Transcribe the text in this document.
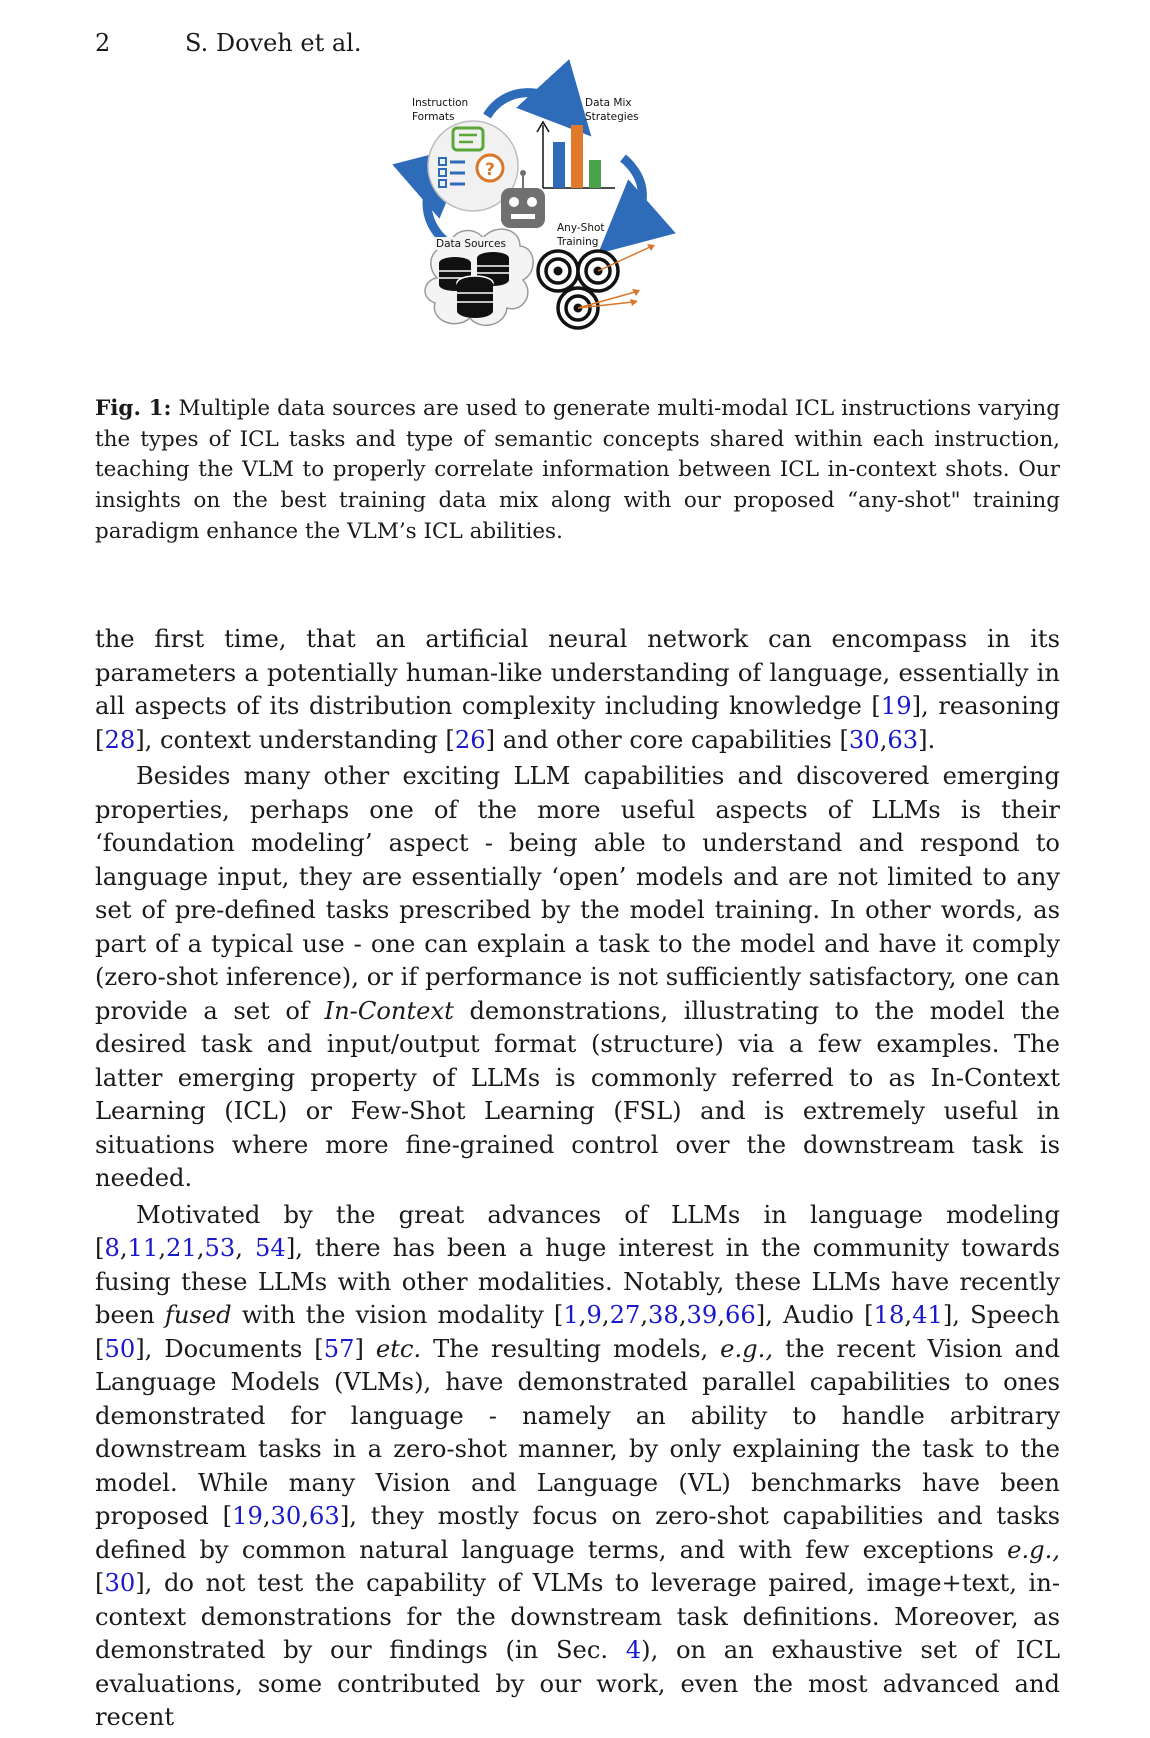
2	S. Doveh et al.
Instruction
Formats
?
Data Mix
Strategies
Any-Shot
Training
Data Sources

Fig. 1: Multiple data sources are used to generate multi-modal ICL instructions varying the types of ICL tasks and type of semantic concepts shared within each instruction, teaching the VLM to properly correlate information between ICL in-context shots. Our insights on the best training data mix along with our proposed “any-shot" training paradigm enhance the VLM’s ICL abilities.

the first time, that an artificial neural network can encompass in its parameters a potentially human-like understanding of language, essentially in all aspects of its distribution complexity including knowledge [19], reasoning [28], context understanding [26] and other core capabilities [30,63].

Besides many other exciting LLM capabilities and discovered emerging properties, perhaps one of the more useful aspects of LLMs is their ‘foundation modeling’ aspect - being able to understand and respond to language input, they are essentially ‘open’ models and are not limited to any set of pre-defined tasks prescribed by the model training. In other words, as part of a typical use - one can explain a task to the model and have it comply (zero-shot inference), or if performance is not sufficiently satisfactory, one can provide a set of In-Context demonstrations, illustrating to the model the desired task and input/output format (structure) via a few examples. The latter emerging property of LLMs is commonly referred to as In-Context Learning (ICL) or Few-Shot Learning (FSL) and is extremely useful in situations where more fine-grained control over the downstream task is needed.

Motivated by the great advances of LLMs in language modeling [8,11,21,53, 54], there has been a huge interest in the community towards fusing these LLMs with other modalities. Notably, these LLMs have recently been fused with the vision modality [1,9,27,38,39,66], Audio [18,41], Speech [50], Documents [57] etc. The resulting models, e.g., the recent Vision and Language Models (VLMs), have demonstrated parallel capabilities to ones demonstrated for language - namely an ability to handle arbitrary downstream tasks in a zero-shot manner, by only explaining the task to the model. While many Vision and Language (VL) benchmarks have been proposed [19,30,63], they mostly focus on zero-shot capabilities and tasks defined by common natural language terms, and with few exceptions e.g., [30], do not test the capability of VLMs to leverage paired, image+text, in-context demonstrations for the downstream task definitions. Moreover, as demonstrated by our findings (in Sec. 4), on an exhaustive set of ICL evaluations, some contributed by our work, even the most advanced and recent
